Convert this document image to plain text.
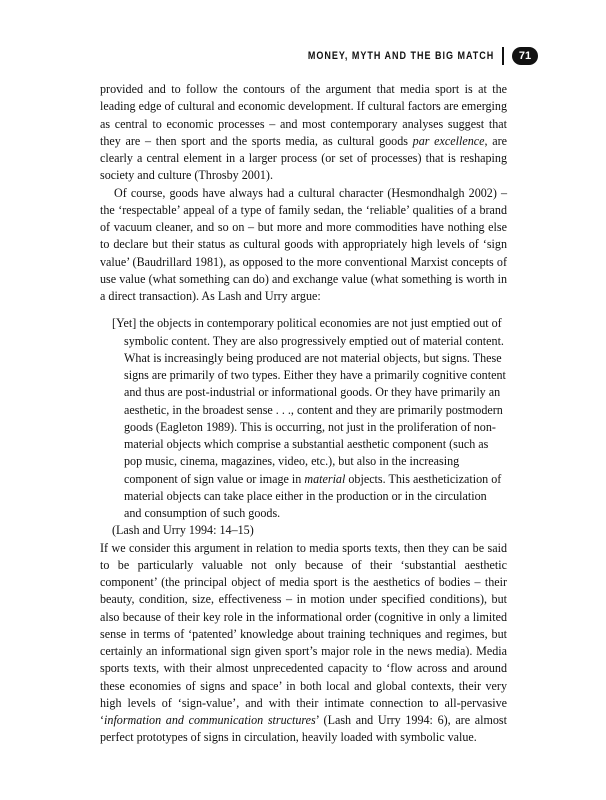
MONEY, MYTH AND THE BIG MATCH	71

provided and to follow the contours of the argument that media sport is at the leading edge of cultural and economic development. If cultural factors are emerging as central to economic processes – and most contemporary analyses suggest that they are – then sport and the sports media, as cultural goods par excellence, are clearly a central element in a larger process (or set of processes) that is reshaping society and culture (Throsby 2001).

Of course, goods have always had a cultural character (Hesmondhalgh 2002) – the ‘respectable’ appeal of a type of family sedan, the ‘reliable’ qualities of a brand of vacuum cleaner, and so on – but more and more commodities have nothing else to declare but their status as cultural goods with appropriately high levels of ‘sign value’ (Baudrillard 1981), as opposed to the more conventional Marxist concepts of use value (what something can do) and exchange value (what something is worth in a direct transaction). As Lash and Urry argue:

[Yet] the objects in contemporary political economies are not just emptied out of symbolic content. They are also progressively emptied out of material content. What is increasingly being produced are not material objects, but signs. These signs are primarily of two types. Either they have a primarily cognitive content and thus are post-industrial or informational goods. Or they have primarily an aesthetic, in the broadest sense . . ., content and they are primarily postmodern goods (Eagleton 1989). This is occurring, not just in the proliferation of non-material objects which comprise a substantial aesthetic component (such as pop music, cinema, magazines, video, etc.), but also in the increasing component of sign value or image in material objects. This aestheticization of material objects can take place either in the production or in the circulation and consumption of such goods.

(Lash and Urry 1994: 14–15)

If we consider this argument in relation to media sports texts, then they can be said to be particularly valuable not only because of their ‘substantial aesthetic component’ (the principal object of media sport is the aesthetics of bodies – their beauty, condition, size, effectiveness – in motion under specified conditions), but also because of their key role in the informational order (cognitive in only a limited sense in terms of ‘patented’ knowledge about training techniques and regimes, but certainly an informational sign given sport’s major role in the news media). Media sports texts, with their almost unprecedented capacity to ‘flow across and around these economies of signs and space’ in both local and global contexts, their very high levels of ‘sign-value’, and with their intimate connection to all-pervasive ‘information and communication structures’ (Lash and Urry 1994: 6), are almost perfect prototypes of signs in circulation, heavily loaded with symbolic value.
